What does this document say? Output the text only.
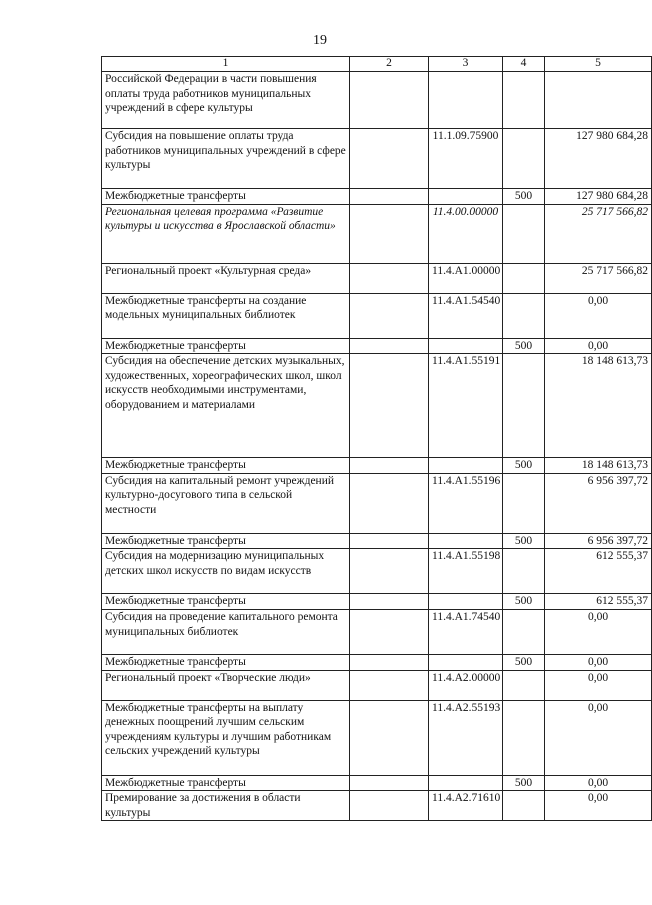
19
1	2	3	4	5
Российской Федерации в части повышения оплаты труда работников муниципальных учреждений в сфере культуры				
Субсидия на повышение оплаты труда работников муниципальных учреждений в сфере культуры		11.1.09.75900		127 980 684,28
Межбюджетные трансферты			500	127 980 684,28
Региональная целевая программа «Развитие культуры и искусства в Ярославской области»		11.4.00.00000		25 717 566,82
Региональный проект «Культурная среда»		11.4.А1.00000		25 717 566,82
Межбюджетные трансферты на создание модельных муниципальных библиотек		11.4.А1.54540		0,00
Межбюджетные трансферты			500	0,00
Субсидия на обеспечение детских музыкальных, художественных, хореографических школ, школ искусств необходимыми инструментами, оборудованием и материалами		11.4.А1.55191		18 148 613,73
Межбюджетные трансферты			500	18 148 613,73
Субсидия на капитальный ремонт учреждений культурно-досугового типа в сельской местности		11.4.А1.55196		6 956 397,72
Межбюджетные трансферты			500	6 956 397,72
Субсидия на модернизацию муниципальных детских школ искусств по видам искусств		11.4.А1.55198		612 555,37
Межбюджетные трансферты			500	612 555,37
Субсидия на проведение капитального ремонта муниципальных библиотек		11.4.А1.74540		0,00
Межбюджетные трансферты			500	0,00
Региональный проект «Творческие люди»		11.4.А2.00000		0,00
Межбюджетные трансферты на выплату денежных поощрений лучшим сельским учреждениям культуры и лучшим работникам сельских учреждений культуры		11.4.А2.55193		0,00
Межбюджетные трансферты			500	0,00
Премирование за достижения в области культуры		11.4.А2.71610		0,00
